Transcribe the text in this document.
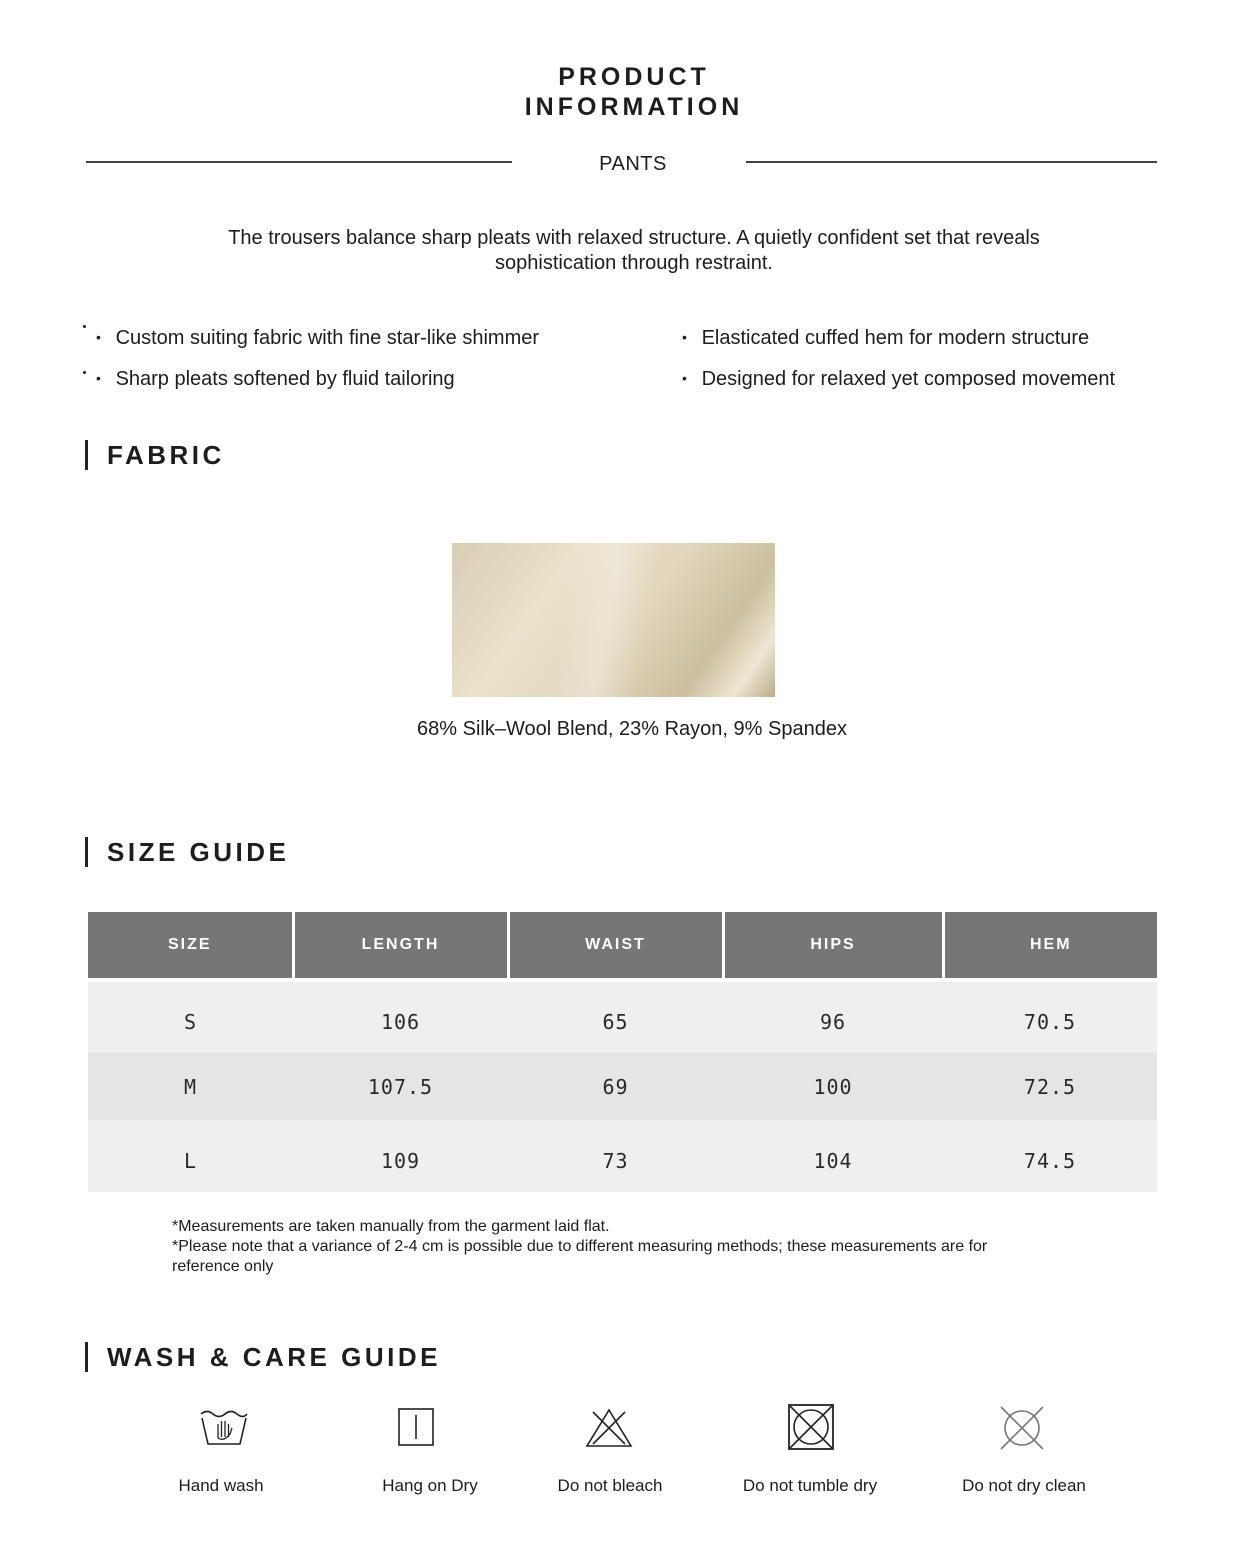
PRODUCT
INFORMATION
PANTS
The trousers balance sharp pleats with relaxed structure. A quietly confident set that reveals sophistication through restraint.
• Custom suiting fabric with fine star-like shimmer
• Sharp pleats softened by fluid tailoring
• Elasticated cuffed hem for modern structure
• Designed for relaxed yet composed movement
FABRIC
68% Silk–Wool Blend, 23% Rayon, 9% Spandex
SIZE GUIDE
SIZE	LENGTH	WAIST	HIPS	HEM

S	106	65	96	70.5
M	107.5	69	100	72.5
L	109	73	104	74.5
*Measurements are taken manually from the garment laid flat.
*Please note that a variance of 2-4 cm is possible due to different measuring methods; these measurements are for reference only
WASH & CARE GUIDE
Hand wash	Hang on Dry	Do not bleach	Do not tumble dry	Do not dry clean
